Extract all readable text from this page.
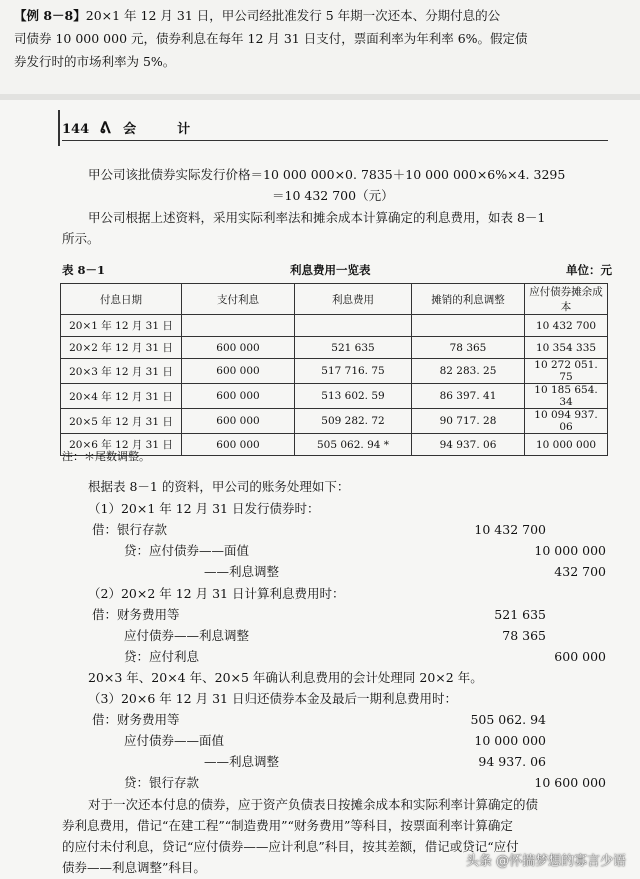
【例 8－8】20×1 年 12 月 31 日，甲公司经批准发行 5 年期一次还本、分期付息的公

司债券 10 000 000 元，债券利息在每年 12 月 31 日支付，票面利率为年利率 6%。假定债

券发行时的市场利率为 5%。

144 ᕕ 会　计
甲公司该批债券实际发行价格＝10 000 000×0. 7835＋10 000 000×6%×4. 3295
＝10 432 700（元）
甲公司根据上述资料，采用实际利率法和摊余成本计算确定的利息费用，如表 8－1
所示。
表 8－1	利息费用一览表	单位：元
付息日期	支付利息	利息费用	摊销的利息调整	应付债券摊余成本
20×1 年 12 月 31 日				10 432 700
20×2 年 12 月 31 日	600 000	521 635	78 365	10 354 335
20×3 年 12 月 31 日	600 000	517 716. 75	82 283. 25	10 272 051. 75
20×4 年 12 月 31 日	600 000	513 602. 59	86 397. 41	10 185 654. 34
20×5 年 12 月 31 日	600 000	509 282. 72	90 717. 28	10 094 937. 06
20×6 年 12 月 31 日	600 000	505 062. 94 *	94 937. 06	10 000 000
注：＊尾数调整。
根据表 8－1 的资料，甲公司的账务处理如下：
（1）20×1 年 12 月 31 日发行债券时：
借：银行存款	10 432 700
贷：应付债券——面值	10 000 000
——利息调整	432 700
（2）20×2 年 12 月 31 日计算利息费用时：
借：财务费用等	521 635
应付债券——利息调整	78 365
贷：应付利息	600 000
20×3 年、20×4 年、20×5 年确认利息费用的会计处理同 20×2 年。
（3）20×6 年 12 月 31 日归还债券本金及最后一期利息费用时：
借：财务费用等	505 062. 94
应付债券——面值	10 000 000
——利息调整	94 937. 06
贷：银行存款	10 600 000
对于一次还本付息的债券，应于资产负债表日按摊余成本和实际利率计算确定的债
券利息费用，借记“在建工程”“制造费用”“财务费用”等科目，按票面利率计算确定
的应付未付利息，贷记“应付债券——应计利息”科目，按其差额，借记或贷记“应付
债券——利息调整”科目。	头条 @怀揣梦想的寡言少语
